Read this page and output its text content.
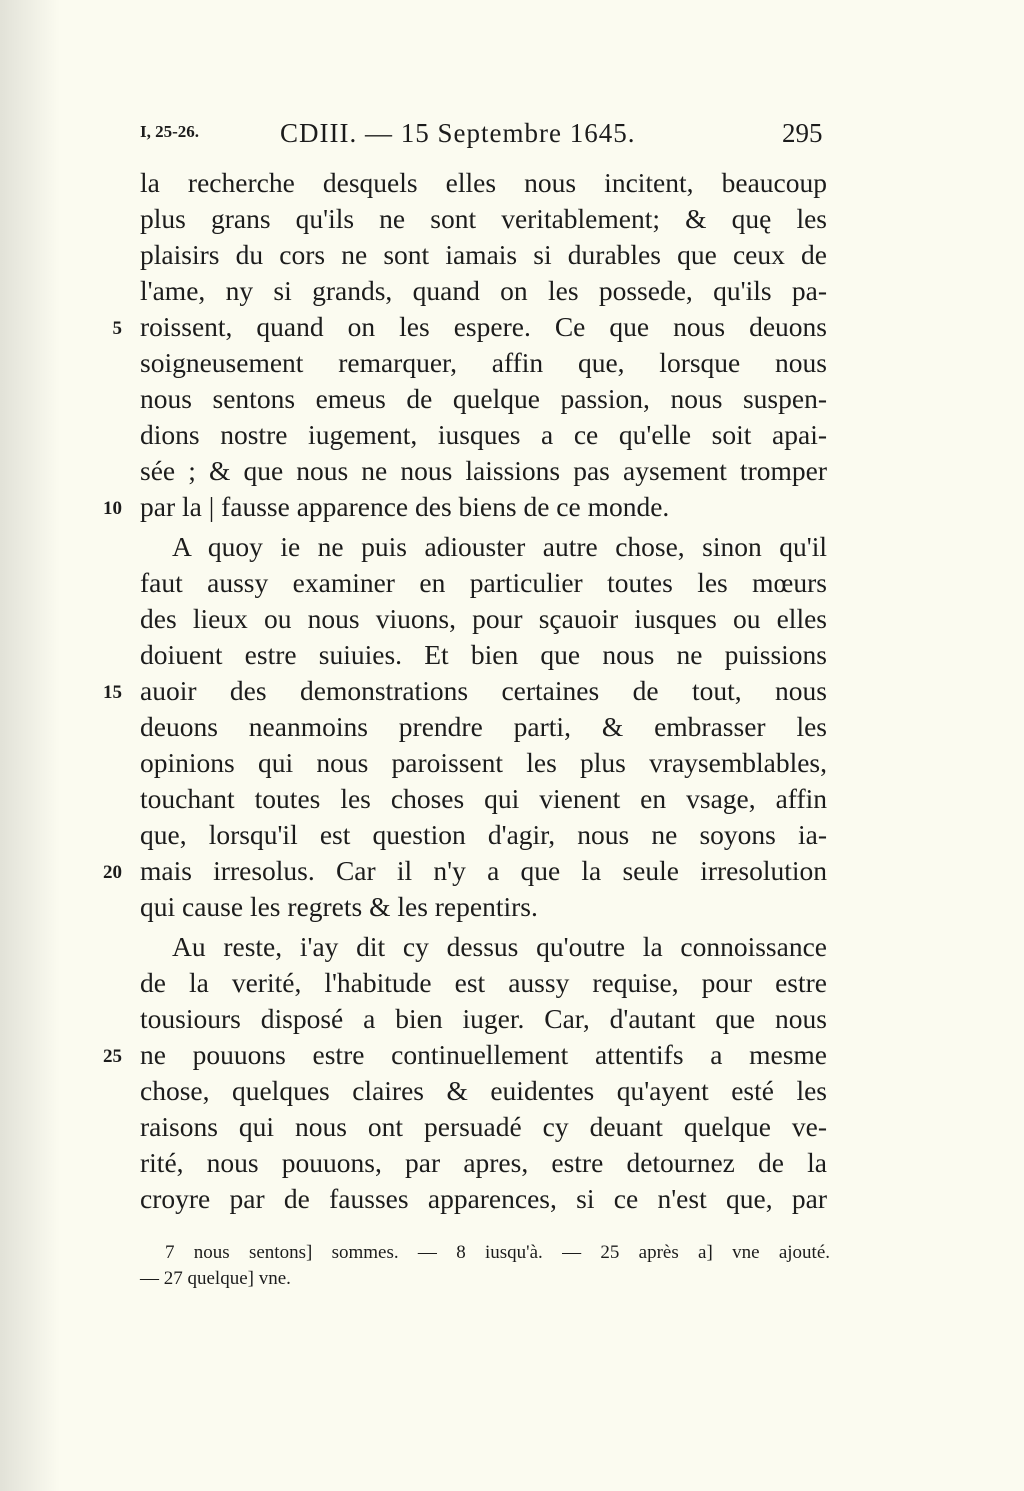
I, 25-26.	CDIII. — 15 Septembre 1645.	295
la recherche desquels elles nous incitent, beaucoup
plus grans qu'ils ne sont veritablement; & quę les
plaisirs du cors ne sont iamais si durables que ceux de
l'ame, ny si grands, quand on les possede, qu'ils pa-
roissent, quand on les espere. Ce que nous deuons
soigneusement remarquer, affin que, lorsque nous
nous sentons emeus de quelque passion, nous suspen-
dions nostre iugement, iusques a ce qu'elle soit apai-
sée ; & que nous ne nous laissions pas aysement tromper
par la | fausse apparence des biens de ce monde.
A quoy ie ne puis adiouster autre chose, sinon qu'il
faut aussy examiner en particulier toutes les mœurs
des lieux ou nous viuons, pour sçauoir iusques ou elles
doiuent estre suiuies. Et bien que nous ne puissions
auoir des demonstrations certaines de tout, nous
deuons neanmoins prendre parti, & embrasser les
opinions qui nous paroissent les plus vraysemblables,
touchant toutes les choses qui vienent en vsage, affin
que, lorsqu'il est question d'agir, nous ne soyons ia-
mais irresolus. Car il n'y a que la seule irresolution
qui cause les regrets & les repentirs.
Au reste, i'ay dit cy dessus qu'outre la connoissance
de la verité, l'habitude est aussy requise, pour estre
tousiours disposé a bien iuger. Car, d'autant que nous
ne pouuons estre continuellement attentifs a mesme
chose, quelques claires & euidentes qu'ayent esté les
raisons qui nous ont persuadé cy deuant quelque ve-
rité, nous pouuons, par apres, estre detournez de la
croyre par de fausses apparences, si ce n'est que, par
5
10
15
20
25
7 nous sentons] sommes. — 8 iusqu'à. — 25 après a] vne ajouté.
— 27 quelque] vne.
